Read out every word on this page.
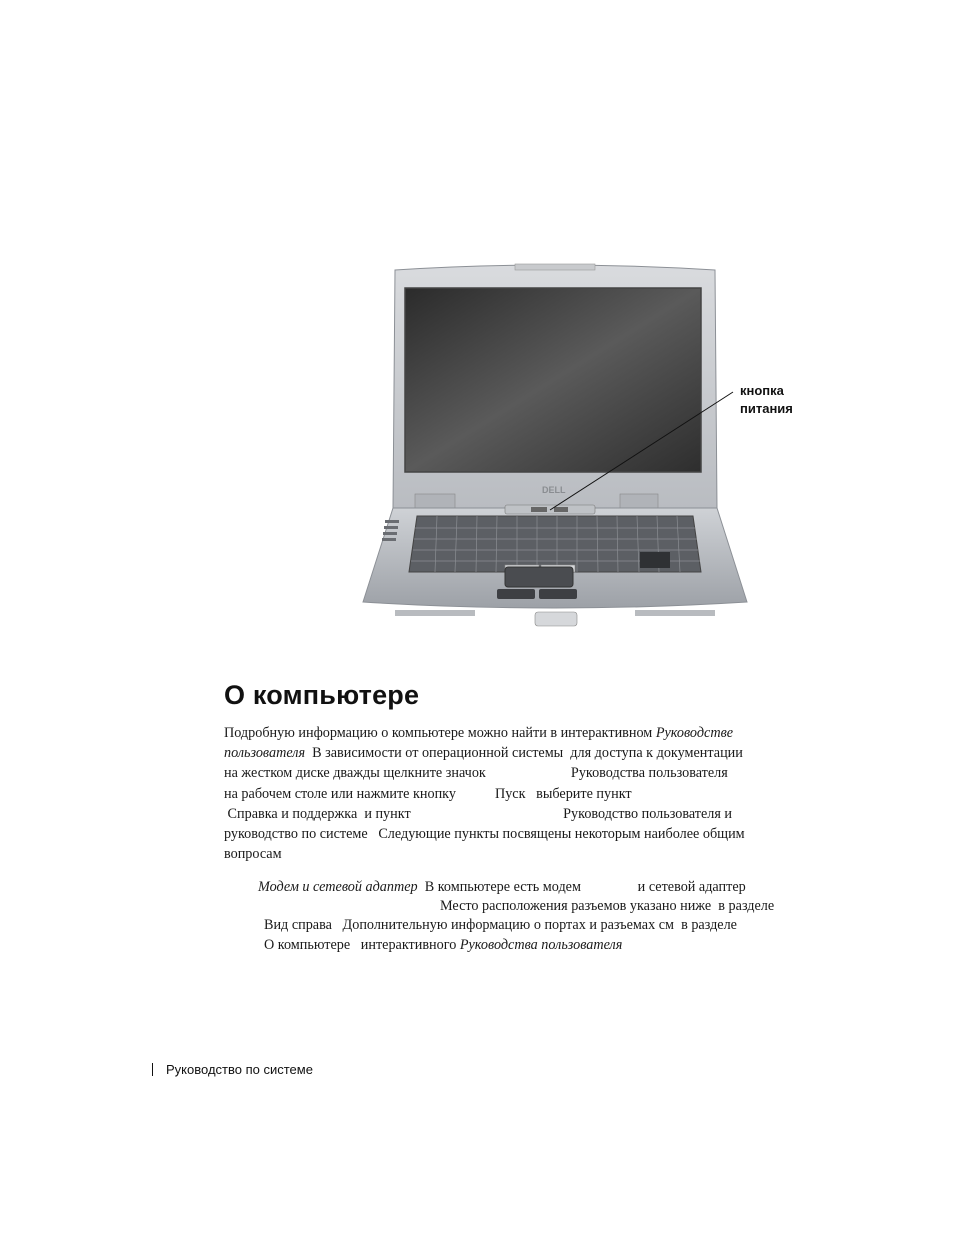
DELL
кнопка
питания
О компьютере
Подробную информацию о компьютере можно найти в интерактивном Руководстве
пользователя  В зависимости от операционной системы  для доступа к документации
на жестком диске дважды щелкните значок                        Руководства пользователя
на рабочем столе или нажмите кнопку           Пуск   выберите пункт
Справка и поддержка  и пункт                                           Руководство пользователя и
руководство по системе   Следующие пункты посвящены некоторым наиболее общим
вопросам
Модем и сетевой адаптер  В компьютере есть модем                и сетевой адаптер
Место расположения разъемов указано ниже  в разделе
Вид справа   Дополнительную информацию о портах и разъемах см  в разделе
О компьютере   интерактивного Руководства пользователя
Руководство по системе
